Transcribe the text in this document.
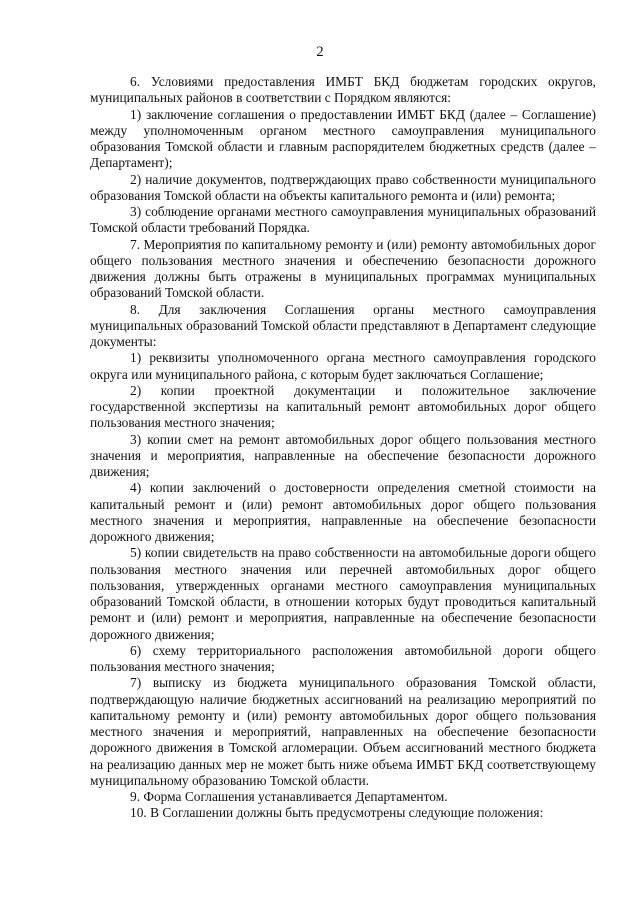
2

6. Условиями предоставления ИМБТ БКД бюджетам городских округов, муниципальных районов в соответствии с Порядком являются:

1) заключение соглашения о предоставлении ИМБТ БКД (далее – Соглашение) между уполномоченным органом местного самоуправления муниципального образования Томской области и главным распорядителем бюджетных средств (далее – Департамент);

2) наличие документов, подтверждающих право собственности муниципального образования Томской области на объекты капитального ремонта и (или) ремонта;

3) соблюдение органами местного самоуправления муниципальных образований Томской области требований Порядка.

7. Мероприятия по капитальному ремонту и (или) ремонту автомобильных дорог общего пользования местного значения и обеспечению безопасности дорожного движения должны быть отражены в муниципальных программах муниципальных образований Томской области.

8. Для заключения Соглашения органы местного самоуправления муниципальных образований Томской области представляют в Департамент следующие документы:

1) реквизиты уполномоченного органа местного самоуправления городского округа или муниципального района, с которым будет заключаться Соглашение;

2) копии проектной документации и положительное заключение государственной экспертизы на капитальный ремонт автомобильных дорог общего пользования местного значения;

3) копии смет на ремонт автомобильных дорог общего пользования местного значения и мероприятия, направленные на обеспечение безопасности дорожного движения;

4) копии заключений о достоверности определения сметной стоимости на капитальный ремонт и (или) ремонт автомобильных дорог общего пользования местного значения и мероприятия, направленные на обеспечение безопасности дорожного движения;

5) копии свидетельств на право собственности на автомобильные дороги общего пользования местного значения или перечней автомобильных дорог общего пользования, утвержденных органами местного самоуправления муниципальных образований Томской области, в отношении которых будут проводиться капитальный ремонт и (или) ремонт и мероприятия, направленные на обеспечение безопасности дорожного движения;

6) схему территориального расположения автомобильной дороги общего пользования местного значения;

7) выписку из бюджета муниципального образования Томской области, подтверждающую наличие бюджетных ассигнований на реализацию мероприятий по капитальному ремонту и (или) ремонту автомобильных дорог общего пользования местного значения и мероприятий, направленных на обеспечение безопасности дорожного движения в Томской агломерации. Объем ассигнований местного бюджета на реализацию данных мер не может быть ниже объема ИМБТ БКД соответствующему муниципальному образованию Томской области.

9. Форма Соглашения устанавливается Департаментом.

10. В Соглашении должны быть предусмотрены следующие положения:
